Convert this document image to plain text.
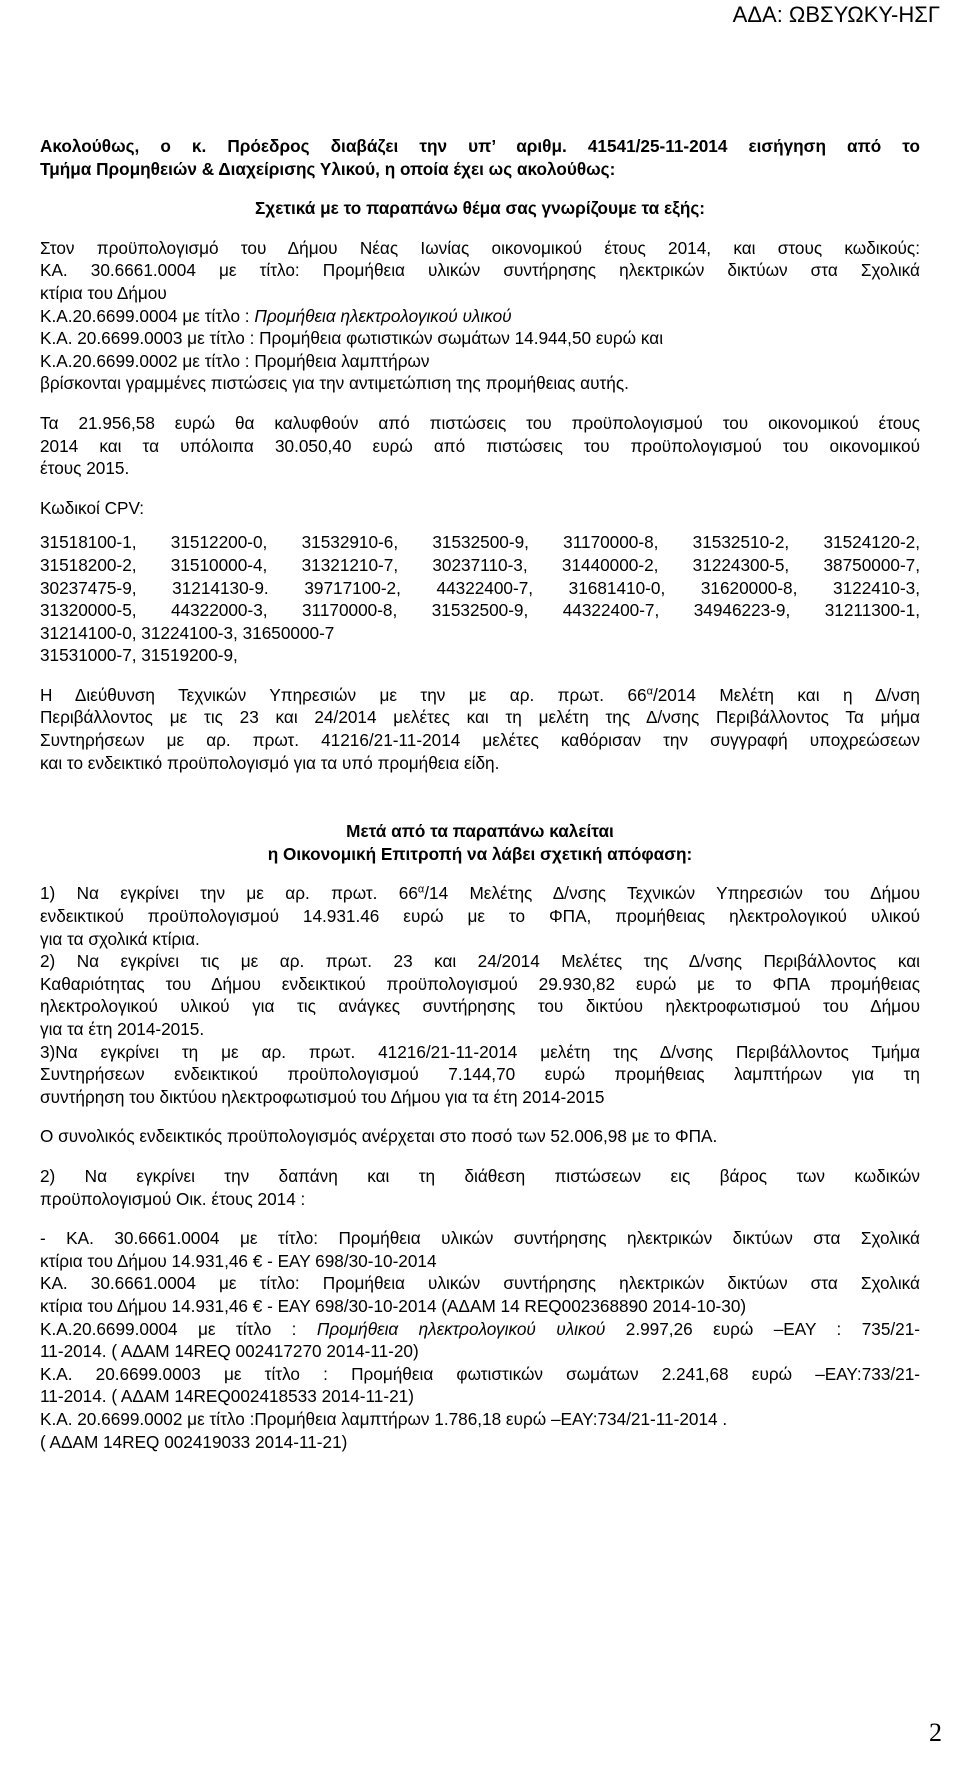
ΑΔΑ: ΩΒΣΥΩΚΥ-ΗΣΓ
Ακολούθως, ο κ. Πρόεδρος διαβάζει την υπ’ αριθμ. 41541/25-11-2014 εισήγηση από το
Τμήμα Προμηθειών & Διαχείρισης Υλικού, η οποία έχει ως ακολούθως:
Σχετικά με το παραπάνω θέμα σας γνωρίζουμε τα εξής:
Στον προϋπολογισμό του Δήμου Νέας Ιωνίας οικονομικού έτους 2014, και στους κωδικούς:
ΚΑ. 30.6661.0004 με τίτλο: Προμήθεια υλικών συντήρησης ηλεκτρικών δικτύων στα Σχολικά
κτίρια του Δήμου
Κ.Α.20.6699.0004 με τίτλο : Προμήθεια ηλεκτρολογικού υλικού
Κ.Α. 20.6699.0003 με τίτλο : Προμήθεια φωτιστικών σωμάτων 14.944,50 ευρώ και
Κ.Α.20.6699.0002 με τίτλο : Προμήθεια λαμπτήρων
βρίσκονται γραμμένες πιστώσεις για την αντιμετώπιση της προμήθειας αυτής.
Τα 21.956,58 ευρώ θα καλυφθούν από πιστώσεις του προϋπολογισμού του οικονομικού έτους
2014 και τα υπόλοιπα 30.050,40 ευρώ από πιστώσεις του προϋπολογισμού του οικονομικού
έτους 2015.
Κωδικοί CPV:
31518100-1, 31512200-0, 31532910-6, 31532500-9, 31170000-8, 31532510-2, 31524120-2,
31518200-2, 31510000-4, 31321210-7, 30237110-3, 31440000-2, 31224300-5, 38750000-7,
30237475-9, 31214130-9. 39717100-2, 44322400-7, 31681410-0, 31620000-8, 3122410-3,
31320000-5, 44322000-3, 31170000-8, 31532500-9, 44322400-7, 34946223-9, 31211300-1,
31214100-0, 31224100-3, 31650000-7
31531000-7, 31519200-9,
Η Διεύθυνση Τεχνικών Υπηρεσιών με την με αρ. πρωτ. $66^\alpha/2014$ Μελέτη και η Δ/νση
Περιβάλλοντος με τις 23 και 24/2014 μελέτες και τη μελέτη της Δ/νσης Περιβάλλοντος Τα μήμα
Συντηρήσεων με αρ. πρωτ. 41216/21-11-2014 μελέτες καθόρισαν την συγγραφή υποχρεώσεων
και το ενδεικτικό προϋπολογισμό για τα υπό προμήθεια είδη.
Μετά από τα παραπάνω καλείται
η Οικονομική Επιτροπή να λάβει σχετική απόφαση:
1) Να εγκρίνει την με αρ. πρωτ. $66^\alpha/14$ Μελέτης Δ/νσης Τεχνικών Υπηρεσιών του Δήμου
ενδεικτικού προϋπολογισμού 14.931.46 ευρώ με το ΦΠΑ, προμήθειας ηλεκτρολογικού υλικού
για τα σχολικά κτίρια.
2) Να εγκρίνει τις με αρ. πρωτ. 23 και 24/2014 Μελέτες της Δ/νσης Περιβάλλοντος και
Καθαριότητας του Δήμου ενδεικτικού προϋπολογισμού 29.930,82 ευρώ με το ΦΠΑ προμήθειας
ηλεκτρολογικού υλικού για τις ανάγκες συντήρησης του δικτύου ηλεκτροφωτισμού του Δήμου
για τα έτη 2014-2015.
3)Να εγκρίνει τη με αρ. πρωτ. 41216/21-11-2014 μελέτη της Δ/νσης Περιβάλλοντος Τμήμα
Συντηρήσεων ενδεικτικού προϋπολογισμού 7.144,70 ευρώ προμήθειας λαμπτήρων για τη
συντήρηση του δικτύου ηλεκτροφωτισμού του Δήμου για τα έτη 2014-2015
Ο συνολικός ενδεικτικός προϋπολογισμός ανέρχεται στο ποσό των 52.006,98 με το ΦΠΑ.
2) Να εγκρίνει την δαπάνη και τη διάθεση πιστώσεων εις βάρος των κωδικών
προϋπολογισμού Οικ. έτους 2014 :
- ΚΑ. 30.6661.0004 με τίτλο: Προμήθεια υλικών συντήρησης ηλεκτρικών δικτύων στα Σχολικά
κτίρια του Δήμου 14.931,46 € - ΕΑΥ 698/30-10-2014
ΚΑ. 30.6661.0004 με τίτλο: Προμήθεια υλικών συντήρησης ηλεκτρικών δικτύων στα Σχολικά
κτίρια του Δήμου 14.931,46 € - ΕΑΥ 698/30-10-2014 (ΑΔΑΜ 14 REQ002368890 2014-10-30)
Κ.Α.20.6699.0004 με τίτλο : Προμήθεια ηλεκτρολογικού υλικού 2.997,26 ευρώ –ΕΑΥ : 735/21-
11-2014. ( ΑΔΑΜ 14REQ 002417270 2014-11-20)
Κ.Α. 20.6699.0003 με τίτλο : Προμήθεια φωτιστικών σωμάτων 2.241,68 ευρώ –ΕΑΥ:733/21-
11-2014. ( ΑΔΑΜ 14REQ002418533 2014-11-21)
Κ.Α. 20.6699.0002 με τίτλο :Προμήθεια λαμπτήρων 1.786,18 ευρώ –ΕΑΥ:734/21-11-2014 .
( ΑΔΑΜ 14REQ 002419033 2014-11-21)
2
